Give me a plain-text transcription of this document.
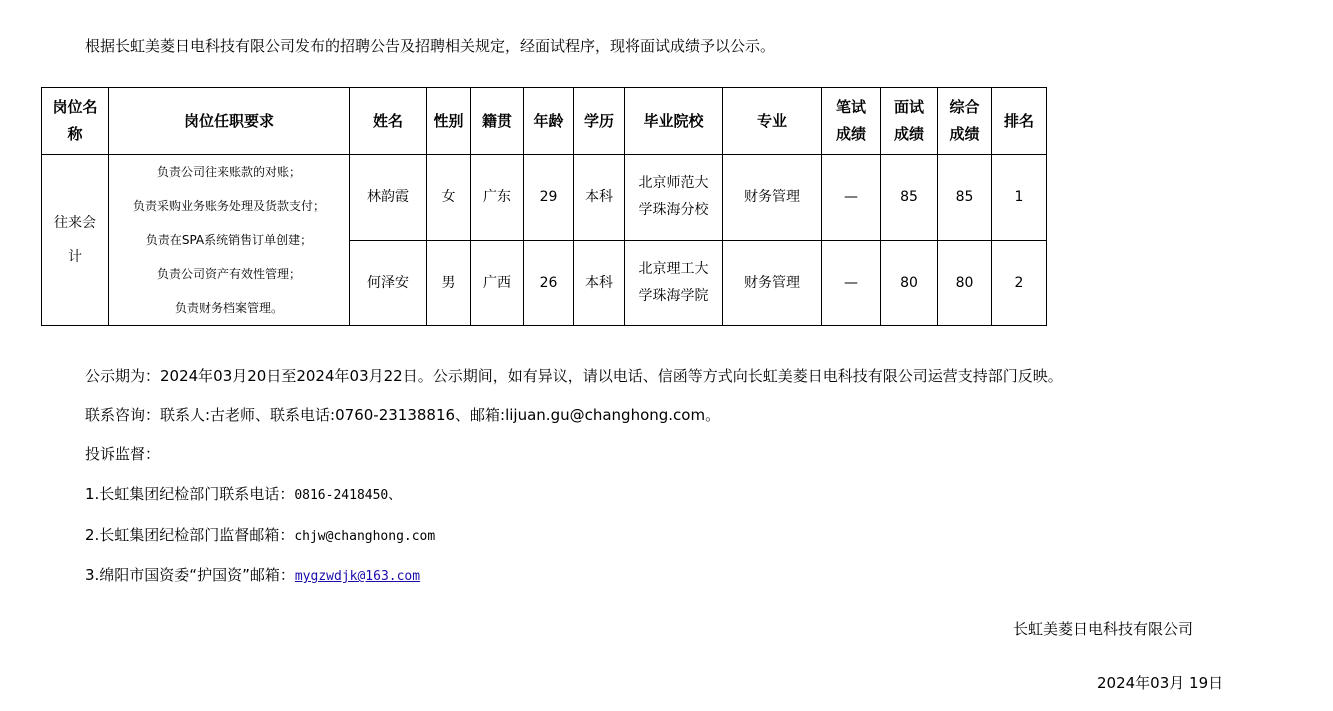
根据长虹美菱日电科技有限公司发布的招聘公告及招聘相关规定，经面试程序，现将面试成绩予以公示。
岗位名称	岗位任职要求	姓名	性别	籍贯	年龄	学历	毕业院校	专业	笔试成绩	面试成绩	综合成绩	排名
往来会计	负责公司往来账款的对账；
负责采购业务账务处理及货款支付；
负责在SPA系统销售订单创建；
负责公司资产有效性管理；
负责财务档案管理。	林韵霞	女	广东	29	本科	北京师范大学珠海分校	财务管理	—	85	85	1
		何泽安	男	广西	26	本科	北京理工大学珠海学院	财务管理	—	80	80	2
公示期为：2024年03月20日至2024年03月22日。公示期间，如有异议，请以电话、信函等方式向长虹美菱日电科技有限公司运营支持部门反映。
联系咨询：联系人:古老师、联系电话:0760-23138816、邮箱:lijuan.gu@changhong.com。
投诉监督：
1.长虹集团纪检部门联系电话：0816-2418450、
2.长虹集团纪检部门监督邮箱：chjw@changhong.com
3.绵阳市国资委“护国资”邮箱：mygzwdjk@163.com
长虹美菱日电科技有限公司
2024年03月 19日
